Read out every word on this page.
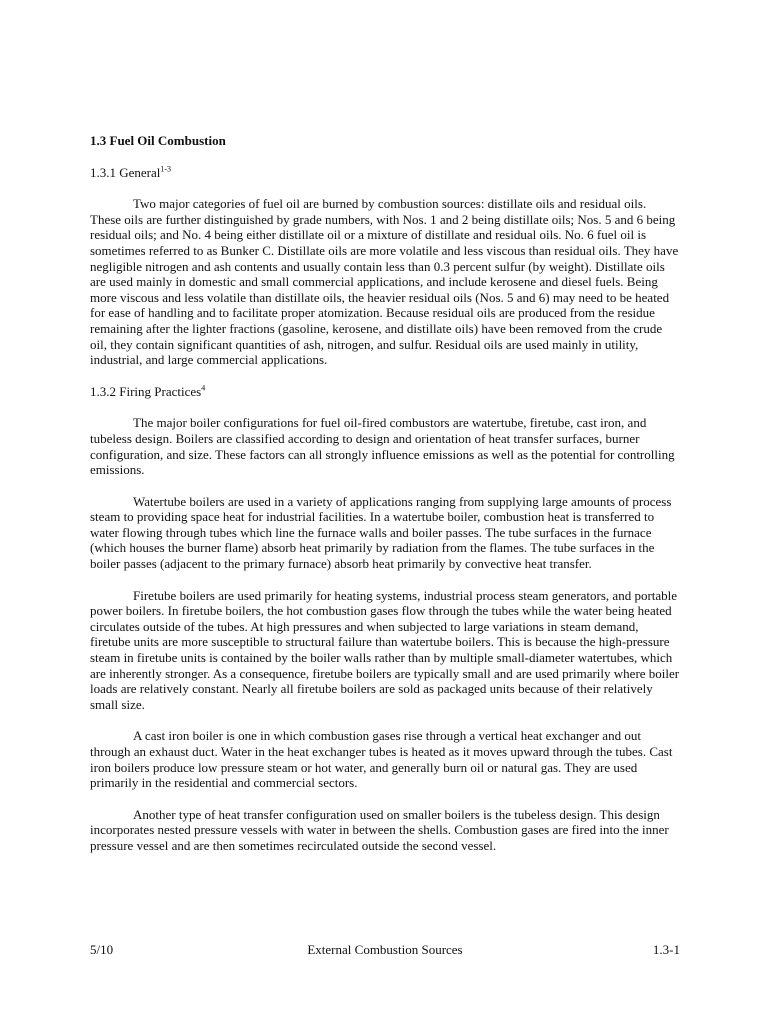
1.3 Fuel Oil Combustion
1.3.1 General$^{1-3}$

Two major categories of fuel oil are burned by combustion sources: distillate oils and residual oils. These oils are further distinguished by grade numbers, with Nos. 1 and 2 being distillate oils; Nos. 5 and 6 being residual oils; and No. 4 being either distillate oil or a mixture of distillate and residual oils. No. 6 fuel oil is sometimes referred to as Bunker C. Distillate oils are more volatile and less viscous than residual oils. They have negligible nitrogen and ash contents and usually contain less than 0.3 percent sulfur (by weight). Distillate oils are used mainly in domestic and small commercial applications, and include kerosene and diesel fuels. Being more viscous and less volatile than distillate oils, the heavier residual oils (Nos. 5 and 6) may need to be heated for ease of handling and to facilitate proper atomization. Because residual oils are produced from the residue remaining after the lighter fractions (gasoline, kerosene, and distillate oils) have been removed from the crude oil, they contain significant quantities of ash, nitrogen, and sulfur. Residual oils are used mainly in utility, industrial, and large commercial applications.

1.3.2 Firing Practices$^4$

The major boiler configurations for fuel oil-fired combustors are watertube, firetube, cast iron, and tubeless design. Boilers are classified according to design and orientation of heat transfer surfaces, burner configuration, and size. These factors can all strongly influence emissions as well as the potential for controlling emissions.

Watertube boilers are used in a variety of applications ranging from supplying large amounts of process steam to providing space heat for industrial facilities. In a watertube boiler, combustion heat is transferred to water flowing through tubes which line the furnace walls and boiler passes. The tube surfaces in the furnace (which houses the burner flame) absorb heat primarily by radiation from the flames. The tube surfaces in the boiler passes (adjacent to the primary furnace) absorb heat primarily by convective heat transfer.

Firetube boilers are used primarily for heating systems, industrial process steam generators, and portable power boilers. In firetube boilers, the hot combustion gases flow through the tubes while the water being heated circulates outside of the tubes. At high pressures and when subjected to large variations in steam demand, firetube units are more susceptible to structural failure than watertube boilers. This is because the high-pressure steam in firetube units is contained by the boiler walls rather than by multiple small-diameter watertubes, which are inherently stronger. As a consequence, firetube boilers are typically small and are used primarily where boiler loads are relatively constant. Nearly all firetube boilers are sold as packaged units because of their relatively small size.

A cast iron boiler is one in which combustion gases rise through a vertical heat exchanger and out through an exhaust duct. Water in the heat exchanger tubes is heated as it moves upward through the tubes. Cast iron boilers produce low pressure steam or hot water, and generally burn oil or natural gas. They are used primarily in the residential and commercial sectors.

Another type of heat transfer configuration used on smaller boilers is the tubeless design. This design incorporates nested pressure vessels with water in between the shells. Combustion gases are fired into the inner pressure vessel and are then sometimes recirculated outside the second vessel.

5/10	External Combustion Sources	1.3-1
